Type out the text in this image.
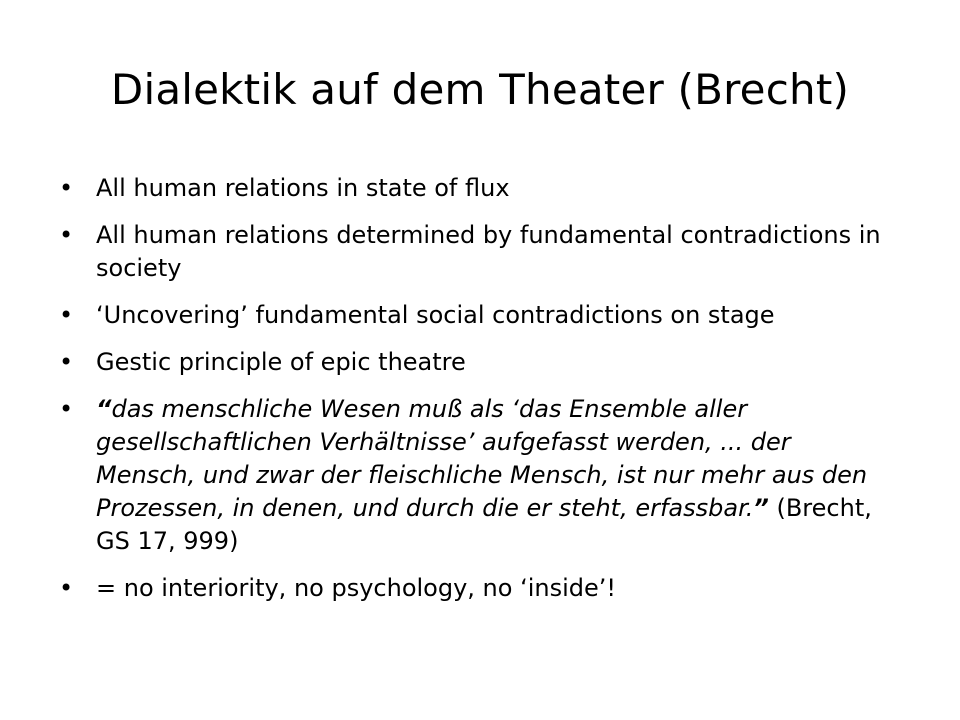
Dialektik auf dem Theater (Brecht)
• All human relations in state of flux
• All human relations determined by fundamental contradictions in society
• ‘Uncovering’ fundamental social contradictions on stage
• Gestic principle of epic theatre
• “das menschliche Wesen muß als ‘das Ensemble aller gesellschaftlichen Verhältnisse’ aufgefasst werden, ... der Mensch, und zwar der fleischliche Mensch, ist nur mehr aus den Prozessen, in denen, und durch die er steht, erfassbar.” (Brecht, GS 17, 999)
• = no interiority, no psychology, no ‘inside’!
